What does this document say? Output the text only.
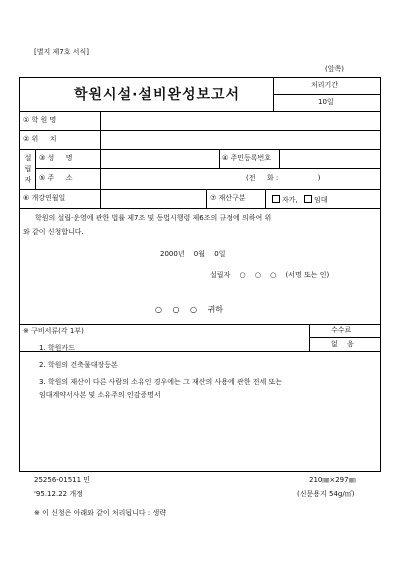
[별지 제7호 서식]
(앞쪽)
학원시설·설비완성보고서
처리기간
10일
① 학 원 명
② 위 　 치
설립자
③ 성 　 명	④ 주민등록번호
⑤ 주 　 소	(전 　 화 : 　　　　　 )
⑥ 개강연월일	⑦ 재산구분	자가, 임대
학원의 설립·운영에 관한 법률 제7조 및 동법시행령 제6조의 규정에 의하여 위
와 같이 신청합니다.
2000년 　0월 　0일
설립자 　○ 　○ 　○ 　(서명 또는 인)
○ 　○ 　○ 　귀하
※ 구비서류(각 1부)	수수료
없 　음
1. 학원카드
2. 학원의 건축물대장등본
3. 학원의 재산이 다른 사람의 소유인 경우에는 그 재산의 사용에 관한 전세 또는
임대계약서사본 및 소유주의 인감증명서
25256-01511 민	210㎜×297㎜
'95.12.22 개정	(신문용지 54g/㎡)
※ 이 신청은 아래와 같이 처리됩니다 : 생략
